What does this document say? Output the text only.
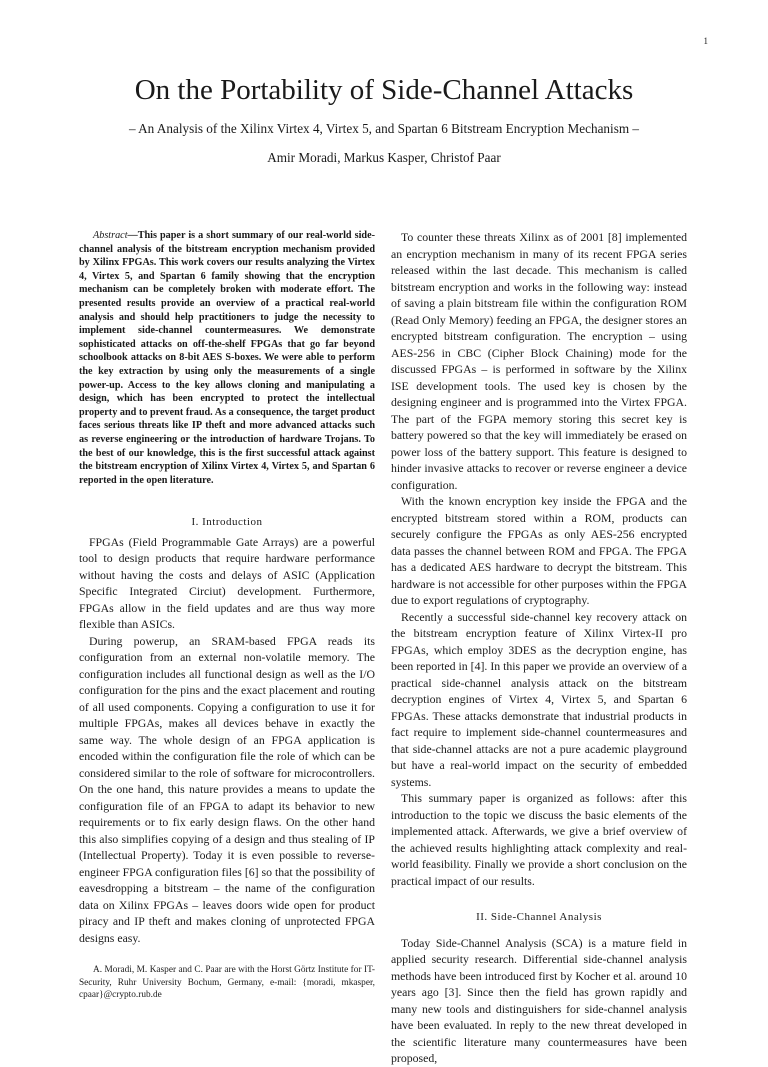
1
On the Portability of Side-Channel Attacks
– An Analysis of the Xilinx Virtex 4, Virtex 5, and Spartan 6 Bitstream Encryption Mechanism –
Amir Moradi, Markus Kasper, Christof Paar

Abstract—This paper is a short summary of our real-world side-channel analysis of the bitstream encryption mechanism provided by Xilinx FPGAs. This work covers our results analyzing the Virtex 4, Virtex 5, and Spartan 6 family showing that the encryption mechanism can be completely broken with moderate effort. The presented results provide an overview of a practical real-world analysis and should help practitioners to judge the necessity to implement side-channel countermeasures. We demonstrate sophisticated attacks on off-the-shelf FPGAs that go far beyond schoolbook attacks on 8-bit AES S-boxes. We were able to perform the key extraction by using only the measurements of a single power-up. Access to the key allows cloning and manipulating a design, which has been encrypted to protect the intellectual property and to prevent fraud. As a consequence, the target product faces serious threats like IP theft and more advanced attacks such as reverse engineering or the introduction of hardware Trojans. To the best of our knowledge, this is the first successful attack against the bitstream encryption of Xilinx Virtex 4, Virtex 5, and Spartan 6 reported in the open literature.

I. Introduction

FPGAs (Field Programmable Gate Arrays) are a powerful tool to design products that require hardware performance without having the costs and delays of ASIC (Application Specific Integrated Circiut) development. Furthermore, FPGAs allow in the field updates and are thus way more flexible than ASICs.

During powerup, an SRAM-based FPGA reads its configuration from an external non-volatile memory. The configuration includes all functional design as well as the I/O configuration for the pins and the exact placement and routing of all used components. Copying a configuration to use it for multiple FPGAs, makes all devices behave in exactly the same way. The whole design of an FPGA application is encoded within the configuration file the role of which can be considered similar to the role of software for microcontrollers. On the one hand, this nature provides a means to update the configuration file of an FPGA to adapt its behavior to new requirements or to fix early design flaws. On the other hand this also simplifies copying of a design and thus stealing of IP (Intellectual Property). Today it is even possible to reverse-engineer FPGA configuration files [6] so that the possibility of eavesdropping a bitstream – the name of the configuration data on Xilinx FPGAs – leaves doors wide open for product piracy and IP theft and makes cloning of unprotected FPGA designs easy.

A. Moradi, M. Kasper and C. Paar are with the Horst Görtz Institute for IT-Security, Ruhr University Bochum, Germany, e-mail: {moradi, mkasper, cpaar}@crypto.rub.de

To counter these threats Xilinx as of 2001 [8] implemented an encryption mechanism in many of its recent FPGA series released within the last decade. This mechanism is called bitstream encryption and works in the following way: instead of saving a plain bitstream file within the configuration ROM (Read Only Memory) feeding an FPGA, the designer stores an encrypted bitstream configuration. The encryption – using AES-256 in CBC (Cipher Block Chaining) mode for the discussed FPGAs – is performed in software by the Xilinx ISE development tools. The used key is chosen by the designing engineer and is programmed into the Virtex FPGA. The part of the FGPA memory storing this secret key is battery powered so that the key will immediately be erased on power loss of the battery support. This feature is designed to hinder invasive attacks to recover or reverse engineer a device configuration.

With the known encryption key inside the FPGA and the encrypted bitstream stored within a ROM, products can securely configure the FPGAs as only AES-256 encrypted data passes the channel between ROM and FPGA. The FPGA has a dedicated AES hardware to decrypt the bitstream. This hardware is not accessible for other purposes within the FPGA due to export regulations of cryptography.

Recently a successful side-channel key recovery attack on the bitstream encryption feature of Xilinx Virtex-II pro FPGAs, which employ 3DES as the decryption engine, has been reported in [4]. In this paper we provide an overview of a practical side-channel analysis attack on the bitstream decryption engines of Virtex 4, Virtex 5, and Spartan 6 FPGAs. These attacks demonstrate that industrial products in fact require to implement side-channel countermeasures and that side-channel attacks are not a pure academic playground but have a real-world impact on the security of embedded systems.

This summary paper is organized as follows: after this introduction to the topic we discuss the basic elements of the implemented attack. Afterwards, we give a brief overview of the achieved results highlighting attack complexity and real-world feasibility. Finally we provide a short conclusion on the practical impact of our results.

II. Side-Channel Analysis

Today Side-Channel Analysis (SCA) is a mature field in applied security research. Differential side-channel analysis methods have been introduced first by Kocher et al. around 10 years ago [3]. Since then the field has grown rapidly and many new tools and distinguishers for side-channel analysis have been evaluated. In reply to the new threat developed in the scientific literature many countermeasures have been proposed,
